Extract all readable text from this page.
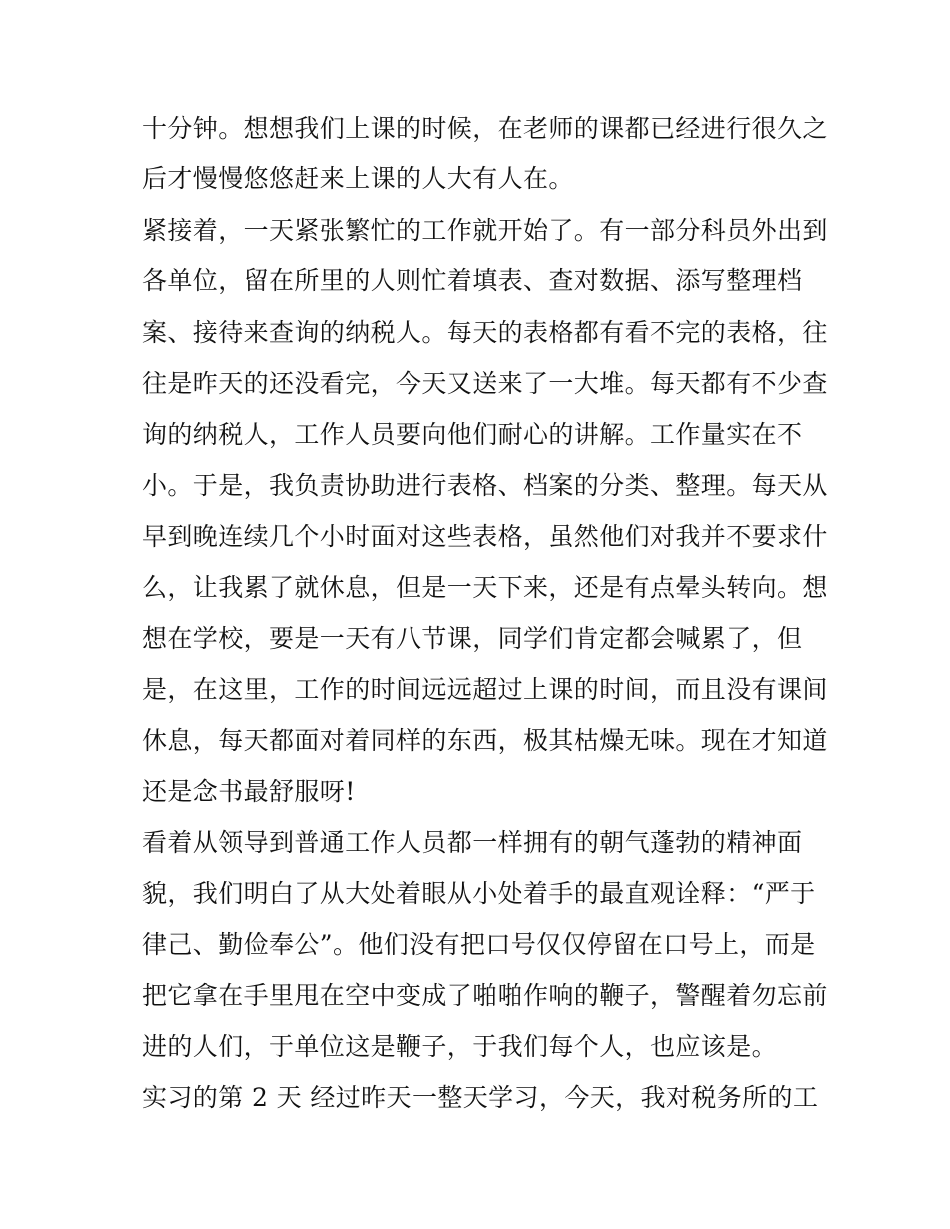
十分钟。想想我们上课的时候，在老师的课都已经进行很久之
后才慢慢悠悠赶来上课的人大有人在。
紧接着，一天紧张繁忙的工作就开始了。有一部分科员外出到
各单位，留在所里的人则忙着填表、查对数据、添写整理档
案、接待来查询的纳税人。每天的表格都有看不完的表格，往
往是昨天的还没看完，今天又送来了一大堆。每天都有不少查
询的纳税人，工作人员要向他们耐心的讲解。工作量实在不
小。于是，我负责协助进行表格、档案的分类、整理。每天从
早到晚连续几个小时面对这些表格，虽然他们对我并不要求什
么，让我累了就休息，但是一天下来，还是有点晕头转向。想
想在学校，要是一天有八节课，同学们肯定都会喊累了，但
是，在这里，工作的时间远远超过上课的时间，而且没有课间
休息，每天都面对着同样的东西，极其枯燥无味。现在才知道
还是念书最舒服呀!
看着从领导到普通工作人员都一样拥有的朝气蓬勃的精神面
貌，我们明白了从大处着眼从小处着手的最直观诠释：“严于
律己、勤俭奉公”。他们没有把口号仅仅停留在口号上，而是
把它拿在手里甩在空中变成了啪啪作响的鞭子，警醒着勿忘前
进的人们，于单位这是鞭子，于我们每个人，也应该是。
实习的第 2 天 经过昨天一整天学习，今天，我对税务所的工
